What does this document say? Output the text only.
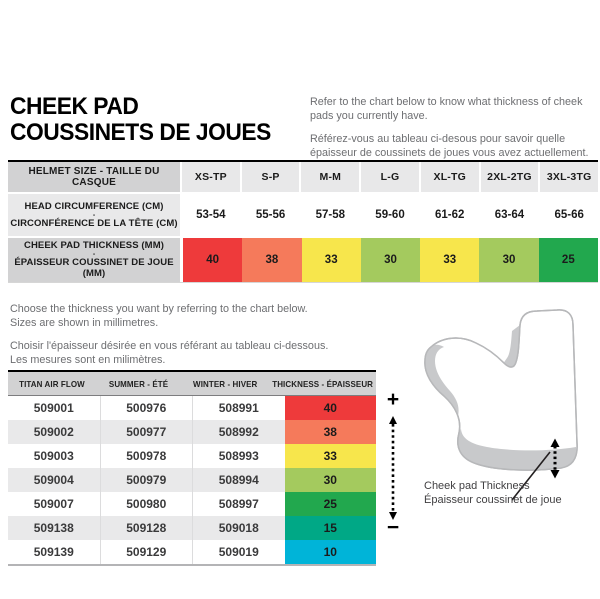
CHEEK PAD
COUSSINETS DE JOUES

Refer to the chart below to know what thickness of cheek pads you currently have.

Référez-vous au tableau ci-desous pour savoir quelle épaisseur de coussinets de joues vous avez actuellement.

HELMET SIZE - TAILLE DU CASQUE	XS-TP	S-P	M-M	L-G	XL-TG	2XL-2TG	3XL-3TG
HEAD CIRCUMFERENCE (CM)
-
CIRCONFÉRENCE DE LA TÊTE (CM)
53-54	55-56	57-58	59-60	61-62	63-64	65-66
CHEEK PAD THICKNESS (MM)
-
ÉPAISSEUR COUSSINET DE JOUE (MM)
40	38	33	30	33	30	25

Choose the thickness you want by referring to the chart below.
Sizes are shown in millimetres.

Choisir l'épaisseur désirée en vous référant au tableau ci-dessous.
Les mesures sont en milimètres.

TITAN AIR FLOW	SUMMER - ÉTÉ	WINTER - HIVER THICKNESS - ÉPAISSEUR
509001	500976	508991	40
509002	500977	508992	38
509003	500978	508993	33
509004	500979	508994	30
509007	500980	508997	25
509138	509128	509018	15
509139	509129	509019	10
+
−
Cheek pad Thickness
Épaisseur coussinet de joue
